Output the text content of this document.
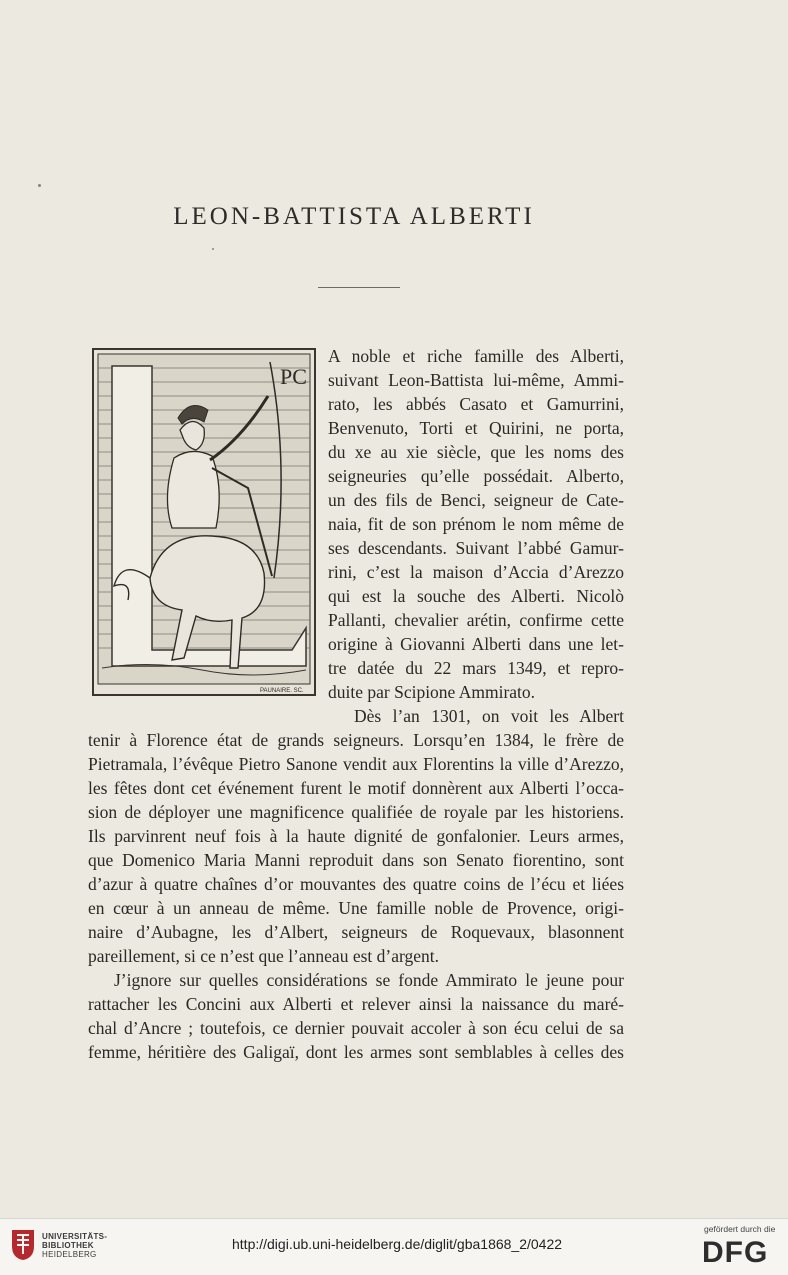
LEON-BATTISTA ALBERTI
PC
PAUNAIRE. SC.
A noble et riche famille des Alberti,
suivant Leon-Battista lui-même, Ammi-
rato, les abbés Casato et Gamurrini,
Benvenuto, Torti et Quirini, ne porta,
du xe au xie siècle, que les noms des
seigneuries qu’elle possédait. Alberto,
un des fils de Benci, seigneur de Cate-
naia, fit de son prénom le nom même de
ses descendants. Suivant l’abbé Gamur-
rini, c’est la maison d’Accia d’Arezzo
qui est la souche des Alberti. Nicolò
Pallanti, chevalier arétin, confirme cette
origine à Giovanni Alberti dans une let-
tre datée du 22 mars 1349, et repro-
duite par Scipione Ammirato.
Dès l’an 1301, on voit les Albert
tenir à Florence état de grands seigneurs. Lorsqu’en 1384, le frère de
Pietramala, l’évêque Pietro Sanone vendit aux Florentins la ville d’Arezzo,
les fêtes dont cet événement furent le motif donnèrent aux Alberti l’occa-
sion de déployer une magnificence qualifiée de royale par les historiens.
Ils parvinrent neuf fois à la haute dignité de gonfalonier. Leurs armes,
que Domenico Maria Manni reproduit dans son Senato fiorentino, sont
d’azur à quatre chaînes d’or mouvantes des quatre coins de l’écu et liées
en cœur à un anneau de même. Une famille noble de Provence, origi-
naire d’Aubagne, les d’Albert, seigneurs de Roquevaux, blasonnent
pareillement, si ce n’est que l’anneau est d’argent.
J’ignore sur quelles considérations se fonde Ammirato le jeune pour
rattacher les Concini aux Alberti et relever ainsi la naissance du maré-
chal d’Ancre ; toutefois, ce dernier pouvait accoler à son écu celui de sa
femme, héritière des Galigaï, dont les armes sont semblables à celles des
UNIVERSITÄTS-
BIBLIOTHEK
HEIDELBERG
http://digi.ub.uni-heidelberg.de/diglit/gba1868_2/0422
gefördert durch die
DFG
